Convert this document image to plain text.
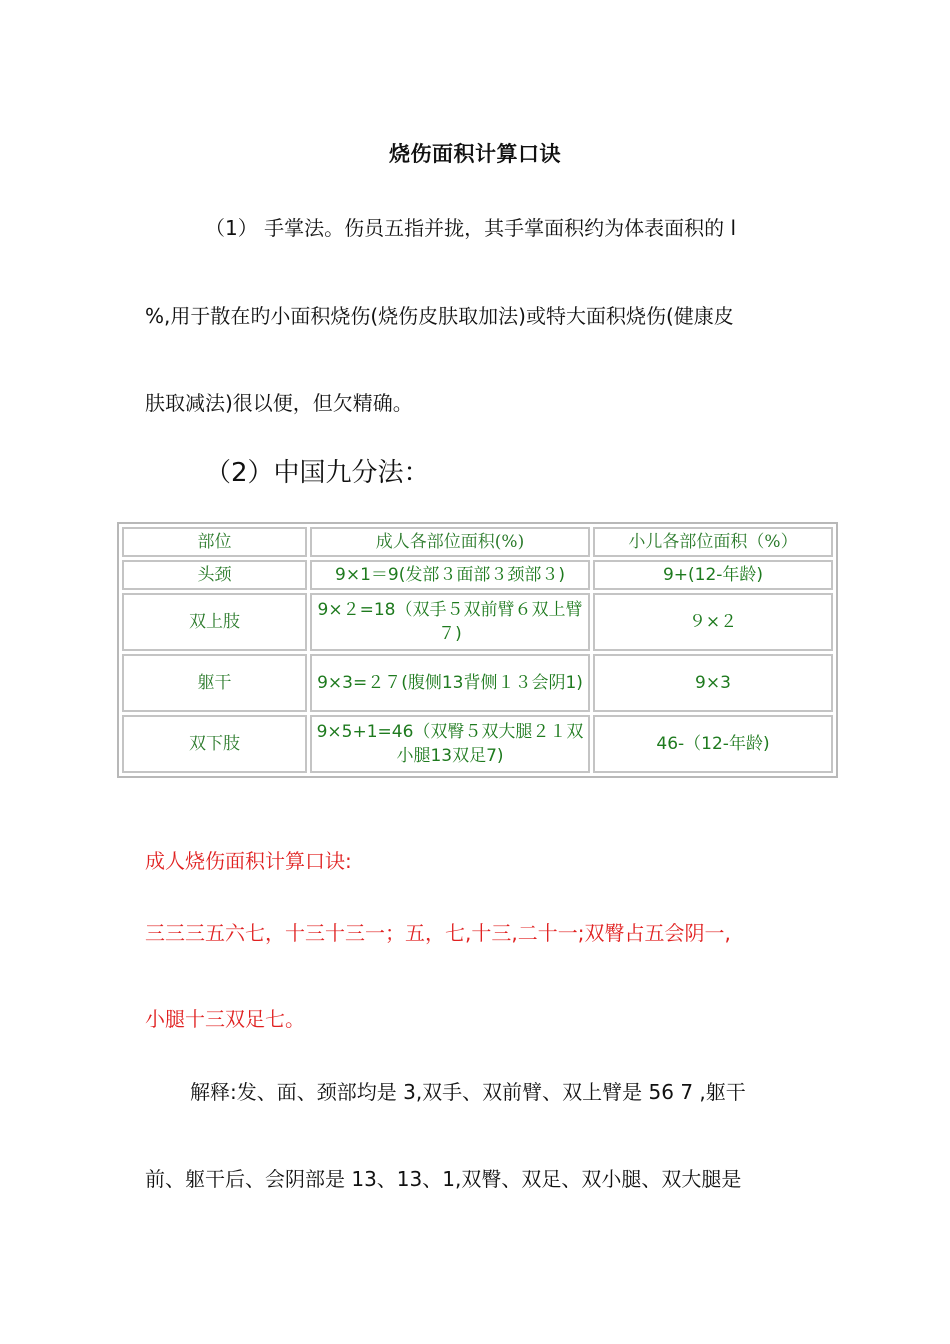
烧伤面积计算口诀
（1） 手掌法。伤员五指并拢，其手掌面积约为体表面积的 l
%,用于散在旳小面积烧伤(烧伤皮肤取加法)或特大面积烧伤(健康皮
肤取减法)很以便，但欠精确。
（2）中国九分法：
部位	成人各部位面积(%)	小儿各部位面积（%）
头颈	9×1＝9(发部３面部３颈部３)	9+(12-年龄)
双上肢	9×２=18（双手５双前臂６双上臂７)	９×２
躯干	9×3=２７(腹侧13背侧１３会阴1)	9×3
双下肢	9×5+1=46（双臀５双大腿２１双小腿13双足7)	46-（12-年龄)
成人烧伤面积计算口诀:
三三三五六七，十三十三一；五，七,十三,二十一;双臀占五会阴一,
小腿十三双足七。
解释:发、面、颈部均是 3,双手、双前臂、双上臂是 56 7 ,躯干
前、躯干后、会阴部是 13、13、1,双臀、双足、双小腿、双大腿是
